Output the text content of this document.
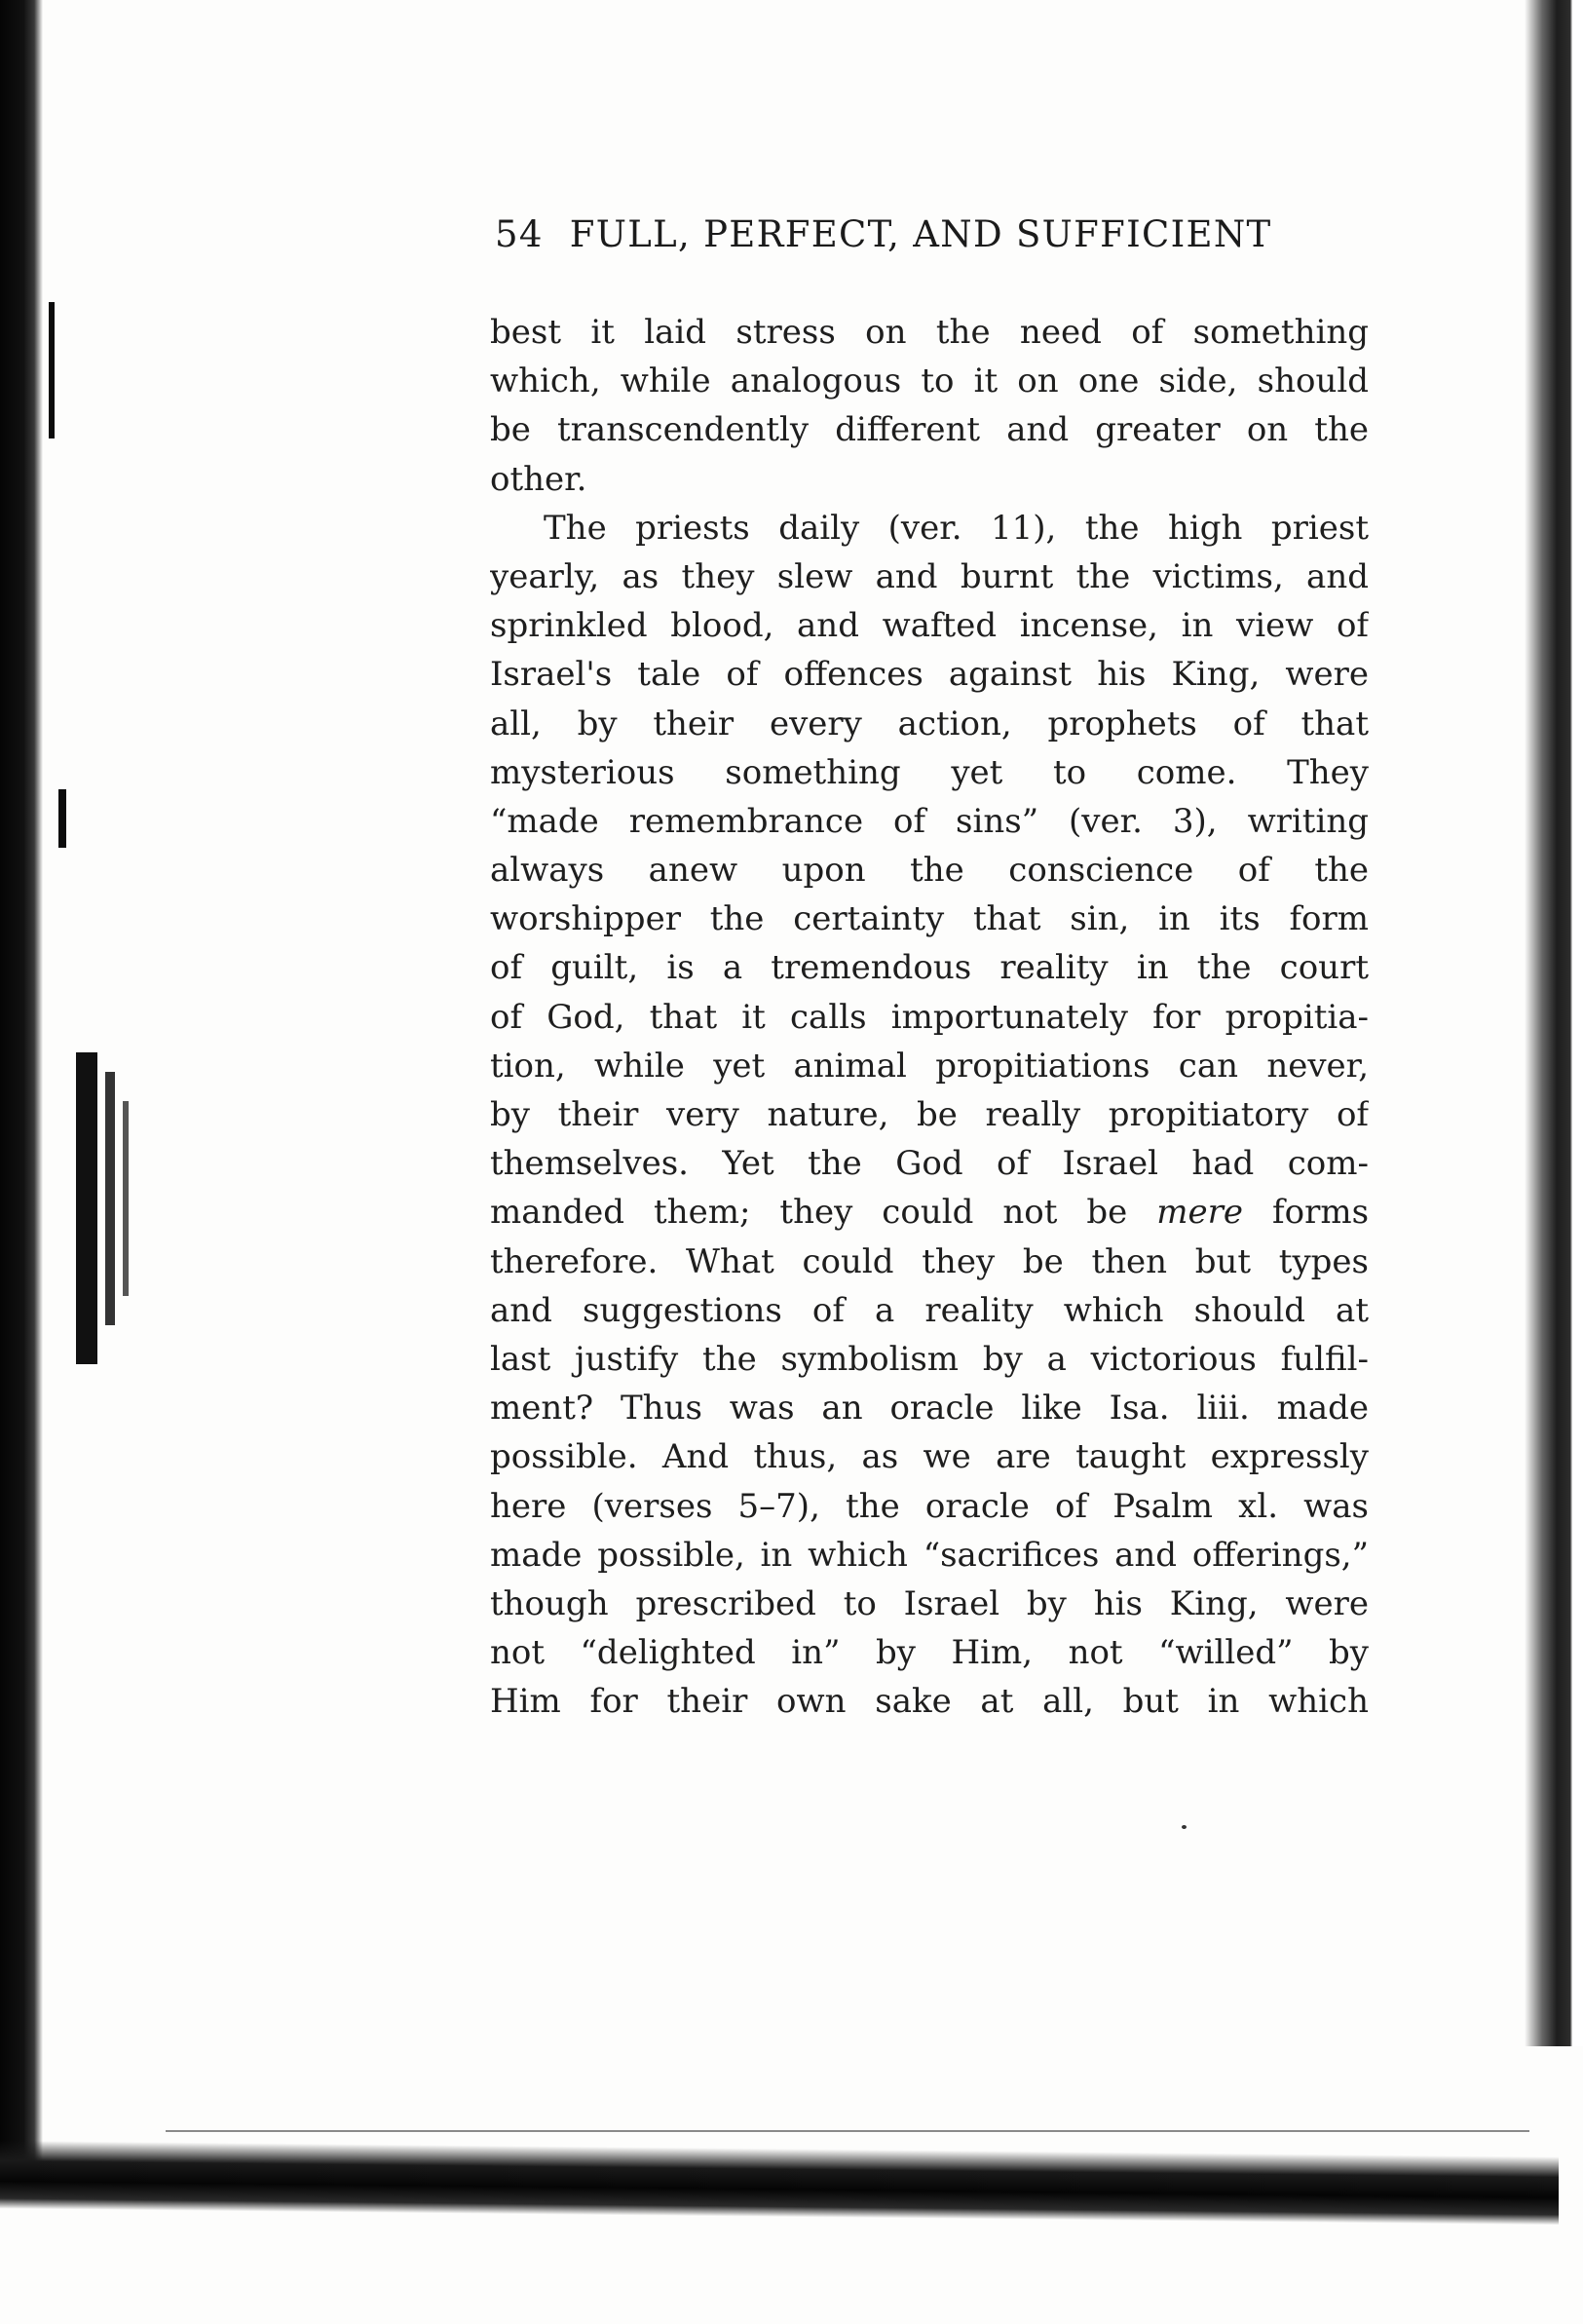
54 FULL, PERFECT, AND SUFFICIENT
best it laid stress on the need of something
which, while analogous to it on one side, should
be transcendently different and greater on the
other.
The priests daily (ver. 11), the high priest
yearly, as they slew and burnt the victims, and
sprinkled blood, and wafted incense, in view of
Israel's tale of offences against his King, were
all, by their every action, prophets of that
mysterious something yet to come. They
“made remembrance of sins” (ver. 3), writing
always anew upon the conscience of the
worshipper the certainty that sin, in its form
of guilt, is a tremendous reality in the court
of God, that it calls importunately for propitia-
tion, while yet animal propitiations can never,
by their very nature, be really propitiatory of
themselves. Yet the God of Israel had com-
manded them; they could not be mere forms
therefore. What could they be then but types
and suggestions of a reality which should at
last justify the symbolism by a victorious fulfil-
ment? Thus was an oracle like Isa. liii. made
possible. And thus, as we are taught expressly
here (verses 5–7), the oracle of Psalm xl. was
made possible, in which “sacrifices and offerings,”
though prescribed to Israel by his King, were
not “delighted in” by Him, not “willed” by
Him for their own sake at all, but in which
